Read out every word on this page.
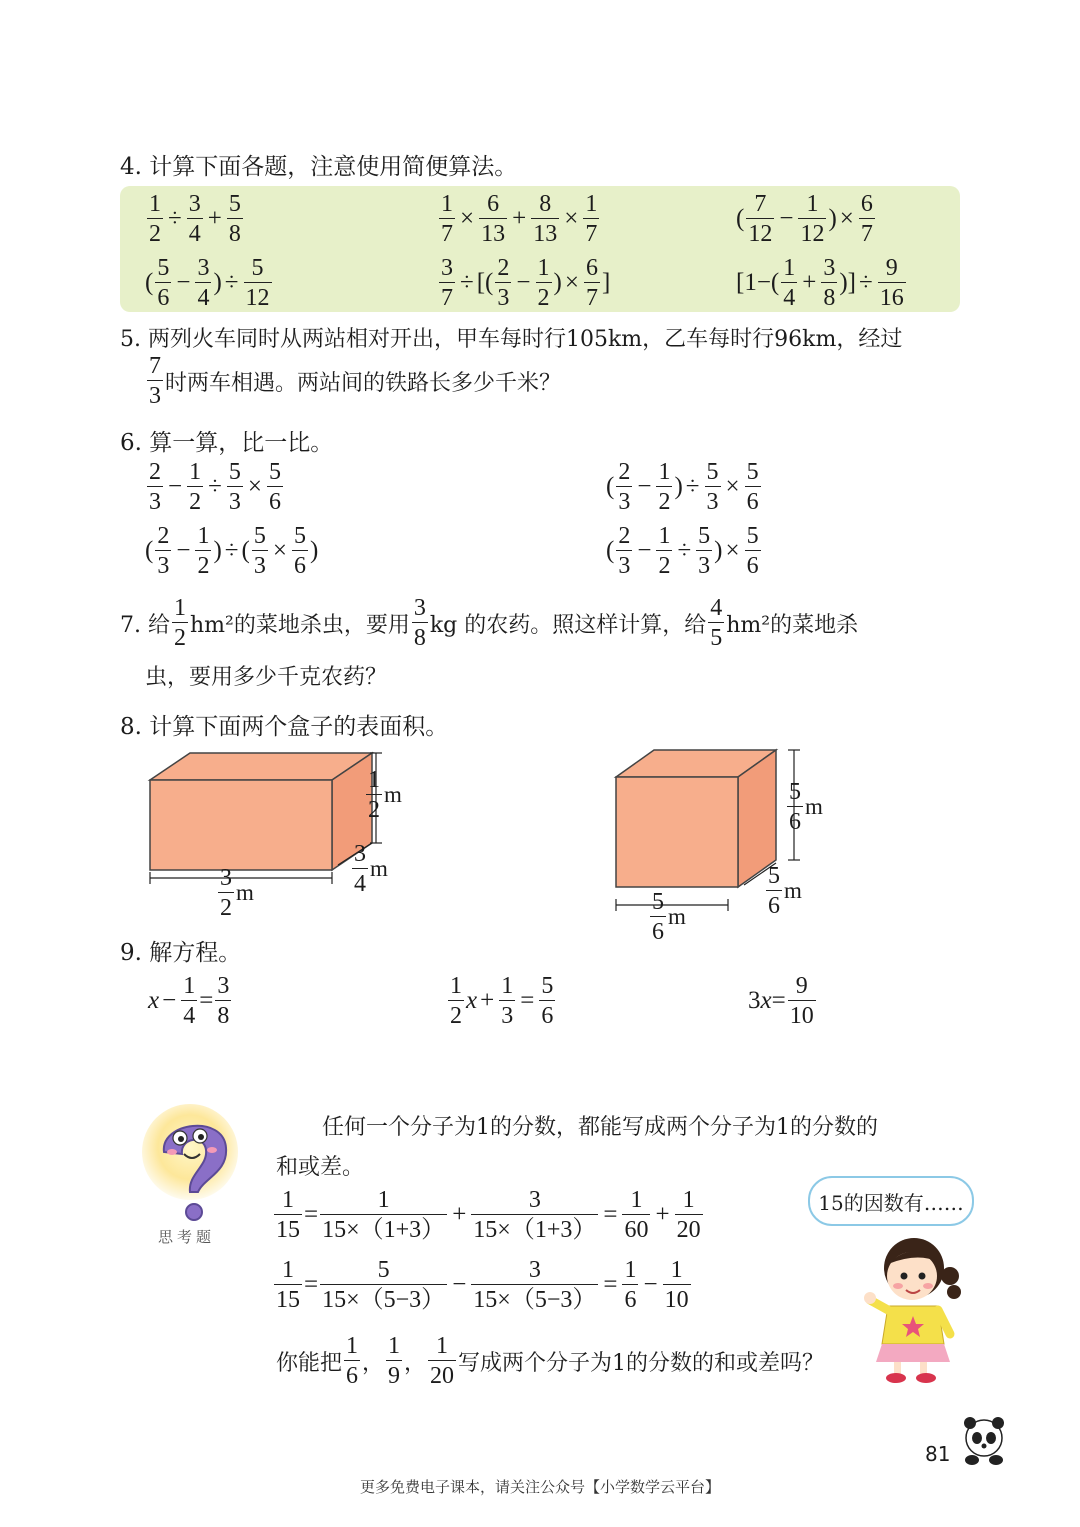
4. 计算下面各题，注意使用简便算法。
$\frac{1}{2} \div \frac{3}{4} + \frac{5}{8}$	$\frac{1}{7} \times \frac{6}{13} + \frac{8}{13} \times \frac{1}{7}$	( $\frac{7}{12} - \frac{1}{12}$ ) × $\frac{6}{7}$
( $\frac{5}{6} - \frac{3}{4}$ ) ÷ $\frac{5}{12}$	$\frac{3}{7}$ ÷ [( $\frac{2}{3} - \frac{1}{2}$ ) × $\frac{6}{7}$ ]	[$1-( \frac{1}{4} + \frac{3}{8}$ )] ÷ $\frac{9}{16}$
5. 两列火车同时从两站相对开出，甲车每时行105km，乙车每时行96km，经过
$\frac{7}{3}$ 时两车相遇。两站间的铁路长多少千米？
6. 算一算，比一比。
$\frac{2}{3} - \frac{1}{2} \div \frac{5}{3} \times \frac{5}{6}$	( $\frac{2}{3} - \frac{1}{2}$ ) ÷ $\frac{5}{3} \times \frac{5}{6}$
( $\frac{2}{3} - \frac{1}{2}$ ) ÷ ( $\frac{5}{3} \times \frac{5}{6}$ )	( $\frac{2}{3} - \frac{1}{2} \div \frac{5}{3}$ ) × $\frac{5}{6}$
7. 给 $\frac{1}{2} hm^2$的菜地杀虫，要用 $\frac{3}{8}$ kg 的农药。照这样计算，给 $\frac{4}{5} hm^2$的菜地杀
虫，要用多少千克农药？
8. 计算下面两个盒子的表面积。
$\frac{1}{2}$ m
$\frac{3}{4}$ m
$\frac{3}{2}$ m
$\frac{5}{6}$ m
$\frac{5}{6}$ m
$\frac{5}{6}$ m
9. 解方程。
$x - \frac{1}{4} = \frac{3}{8}$	$\frac{1}{2}$ $x + \frac{1}{3} = \frac{5}{6}$	3 $x = \frac{9}{10}$
思考题
任何一个分子为1的分数，都能写成两个分子为1的分数的
和或差。
$\frac{1}{15} = \frac{1}{15\times(1+3)} + \frac{3}{15\times(1+3)} = \frac{1}{60} + \frac{1}{20}$
$\frac{1}{15} = \frac{5}{15\times(5-3)} - \frac{3}{15\times(5-3)} = \frac{1}{6} - \frac{1}{10}$
你能把 $\frac{1}{6}$ ， $\frac{1}{9}$ ， $\frac{1}{20}$ 写成两个分子为1的分数的和或差吗？
15的因数有……
81
更多免费电子课本，请关注公众号【小学数学云平台】
